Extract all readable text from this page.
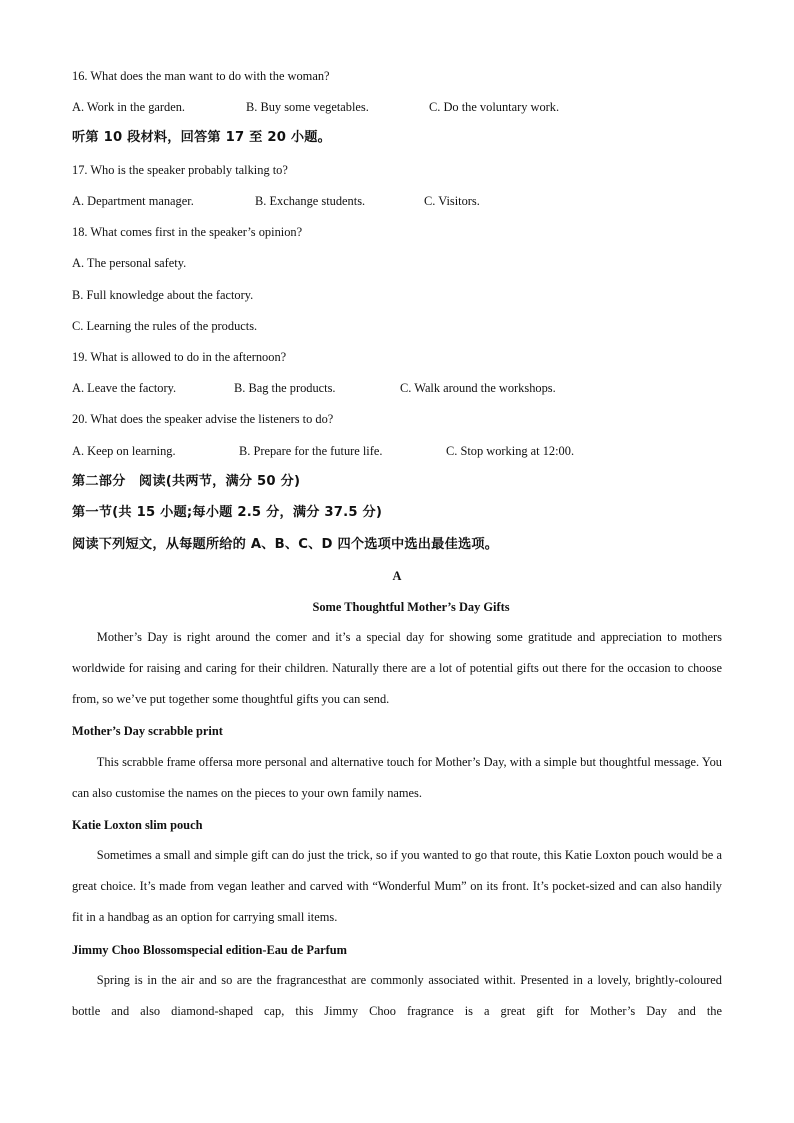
16. What does the man want to do with the woman?
A. Work in the garden.	B. Buy some vegetables.	C. Do the voluntary work.
听第 10 段材料，回答第 17 至 20 小题。
17. Who is the speaker probably talking to?
A. Department manager.	B. Exchange students.	C. Visitors.
18. What comes first in the speaker’s opinion?
A. The personal safety.
B. Full knowledge about the factory.
C. Learning the rules of the products.
19. What is allowed to do in the afternoon?
A. Leave the factory.	B. Bag the products.	C. Walk around the workshops.
20. What does the speaker advise the listeners to do?
A. Keep on learning.	B. Prepare for the future life.	C. Stop working at 12:00.
第二部分　阅读(共两节，满分 50 分)
第一节(共 15 小题;每小题 2.5 分，满分 37.5 分)
阅读下列短文，从每题所给的 A、B、C、D 四个选项中选出最佳选项。
A
Some Thoughtful Mother’s Day Gifts
Mother’s Day is right around the comer and it’s a special day for showing some gratitude and appreciation to mothers worldwide for raising and caring for their children. Naturally there are a lot of potential gifts out there for the occasion to choose from, so we’ve put together some thoughtful gifts you can send.
Mother’s Day scrabble print
This scrabble frame offersa more personal and alternative touch for Mother’s Day, with a simple but thoughtful message. You can also customise the names on the pieces to your own family names.
Katie Loxton slim pouch
Sometimes a small and simple gift can do just the trick, so if you wanted to go that route, this Katie Loxton pouch would be a great choice. It’s made from vegan leather and carved with “Wonderful Mum” on its front. It’s pocket-sized and can also handily fit in a handbag as an option for carrying small items.
Jimmy Choo Blossomspecial edition-Eau de Parfum
Spring is in the air and so are the fragrancesthat are commonly associated withit. Presented in a lovely, brightly-coloured bottle and also diamond-shaped cap, this Jimmy Choo fragrance is a great gift for Mother’s Day and the
